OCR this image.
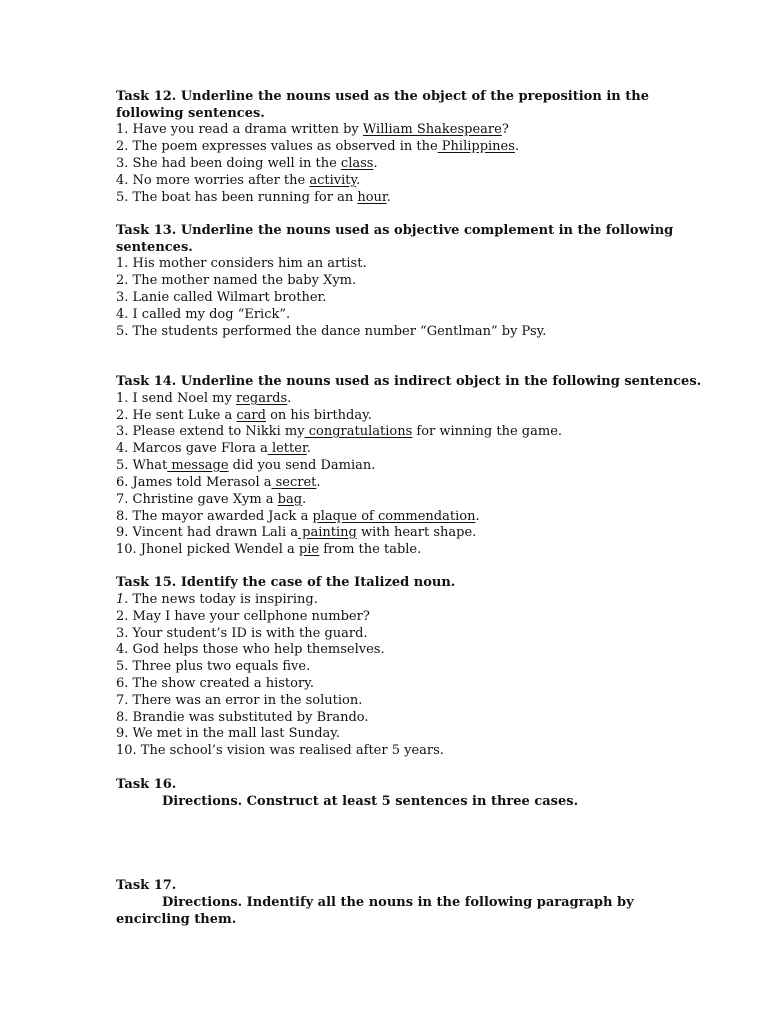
Task 12. Underline the nouns used as the object of the preposition in the
following sentences.
1. Have you read a drama written by William Shakespeare?
2. The poem expresses values as observed in the Philippines.
3. She had been doing well in the class.
4. No more worries after the activity.
5. The boat has been running for an hour.
Task 13. Underline the nouns used as objective complement in the following
sentences.
1. His mother considers him an artist.
2. The mother named the baby Xym.
3. Lanie called Wilmart brother.
4. I called my dog “Erick”.
5. The students performed the dance number “Gentlman” by Psy.
Task 14. Underline the nouns used as indirect object in the following sentences.
1. I send Noel my regards.
2. He sent Luke a card on his birthday.
3. Please extend to Nikki my congratulations for winning the game.
4. Marcos gave Flora a letter.
5. What message did you send Damian.
6. James told Merasol a secret.
7. Christine gave Xym a bag.
8. The mayor awarded Jack a plaque of commendation.
9. Vincent had drawn Lali a painting with heart shape.
10. Jhonel picked Wendel a pie from the table.
Task 15. Identify the case of the Italized noun.
1. The news today is inspiring.
2. May I have your cellphone number?
3. Your student’s ID is with the guard.
4. God helps those who help themselves.
5. Three plus two equals five.
6. The show created a history.
7. There was an error in the solution.
8. Brandie was substituted by Brando.
9. We met in the mall last Sunday.
10. The school’s vision was realised after 5 years.
Task 16.
Directions. Construct at least 5 sentences in three cases.
Task 17.
Directions. Indentify all the nouns in the following paragraph by
encircling them.
